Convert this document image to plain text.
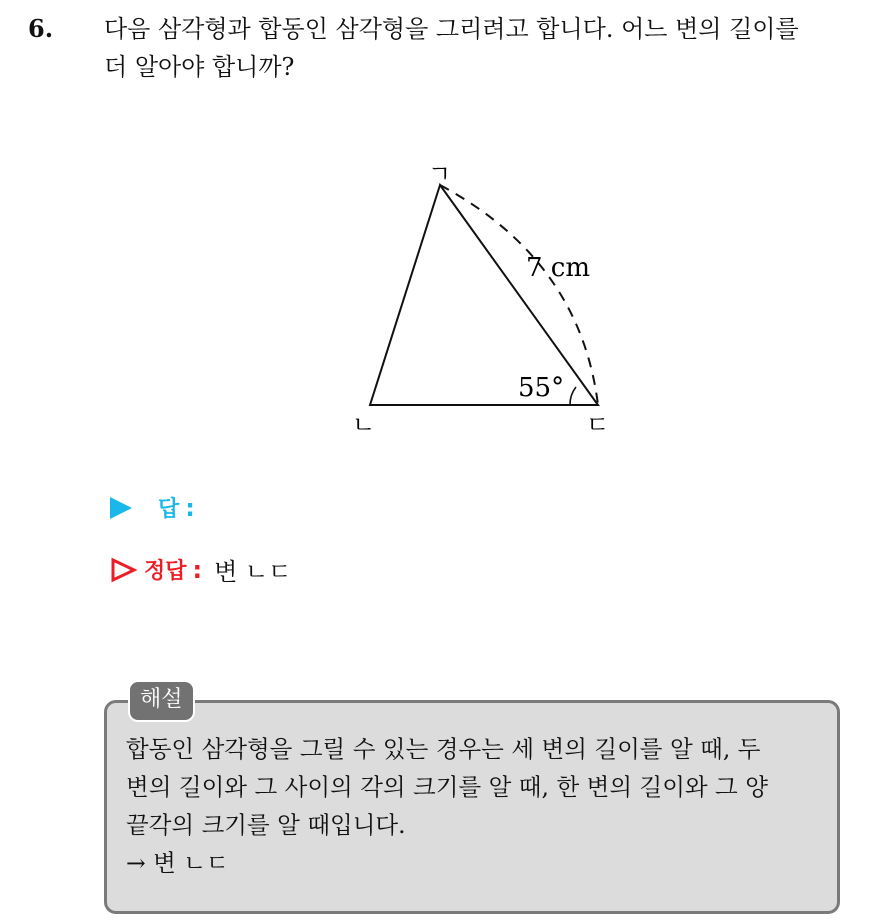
6. 다음 삼각형과 합동인 삼각형을 그리려고 합니다. 어느 변의 길이를
더 알아야 합니까?
ㄱ
ㄴ	ㄷ
7 cm
55°
답 :
정답 : 변 ㄴㄷ
해설
합동인 삼각형을 그릴 수 있는 경우는 세 변의 길이를 알 때, 두
변의 길이와 그 사이의 각의 크기를 알 때, 한 변의 길이와 그 양
끝각의 크기를 알 때입니다.
→ 변 ㄴㄷ
